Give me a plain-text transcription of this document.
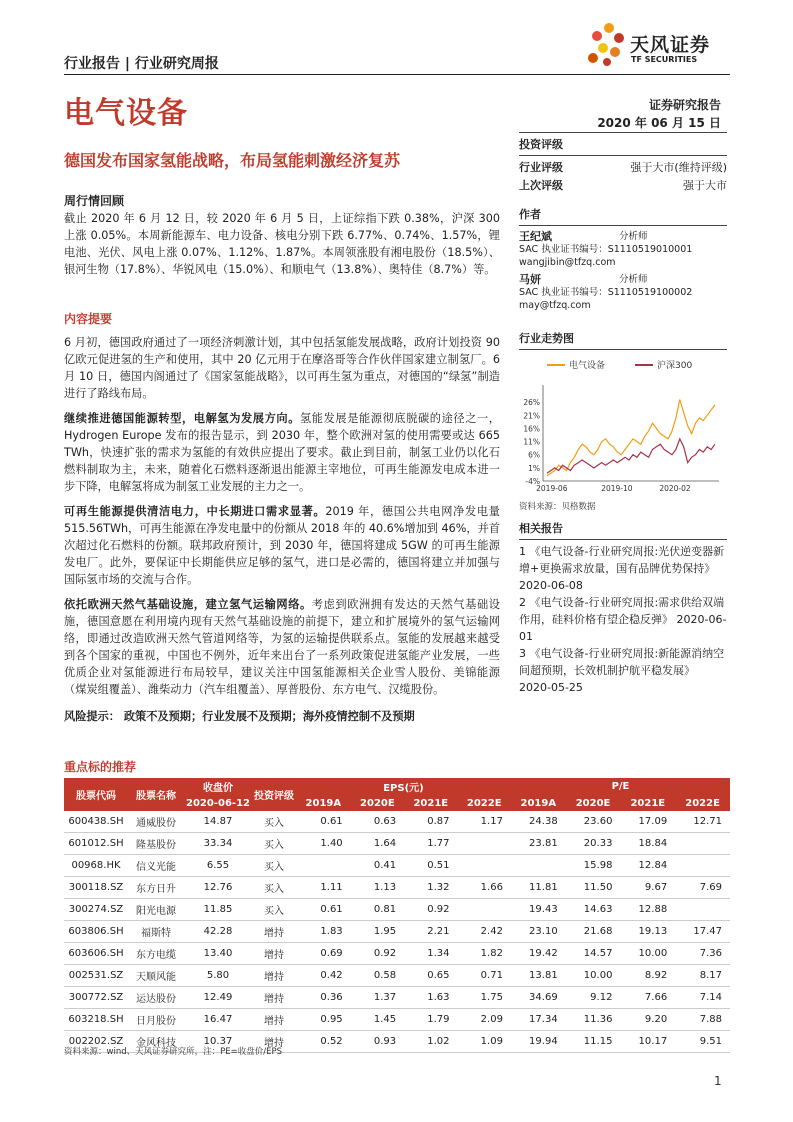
行业报告 | 行业研究周报
天风证券
TF SECURITIES
电气设备	证券研究报告
2020 年 06 月 15 日
德国发布国家氢能战略，布局氢能刺激经济复苏
周行情回顾
截止 2020 年 6 月 12 日，较 2020 年 6 月 5 日，上证综指下跌 0.38%，沪深 300 上涨 0.05%。本周新能源车、电力设备、核电分别下跌 6.77%、0.74%、1.57%，锂电池、光伏、风电上涨 0.07%、1.12%、1.87%。本周领涨股有湘电股份（18.5%）、银河生物（17.8%）、华锐风电（15.0%）、和顺电气（13.8%）、奥特佳（8.7%）等。
内容提要
6 月初，德国政府通过了一项经济刺激计划，其中包括氢能发展战略，政府计划投资 90 亿欧元促进氢的生产和使用，其中 20 亿元用于在摩洛哥等合作伙伴国家建立制氢厂。6 月 10 日，德国内阁通过了《国家氢能战略》，以可再生氢为重点，对德国的“绿氢”制造进行了路线布局。
继续推进德国能源转型，电解氢为发展方向。氢能发展是能源彻底脱碳的途径之一，Hydrogen Europe 发布的报告显示，到 2030 年，整个欧洲对氢的使用需要或达 665 TWh，快速扩张的需求为氢能的有效供应提出了要求。截止到目前，制氢工业仍以化石燃料制取为主，未来，随着化石燃料逐渐退出能源主宰地位，可再生能源发电成本进一步下降，电解氢将成为制氢工业发展的主力之一。
可再生能源提供清洁电力，中长期进口需求显著。2019 年，德国公共电网净发电量 515.56TWh，可再生能源在净发电量中的份额从 2018 年的 40.6%增加到 46%，并首次超过化石燃料的份额。联邦政府预计，到 2030 年，德国将建成 5GW 的可再生能源发电厂。此外，要保证中长期能供应足够的氢气，进口是必需的，德国将建立并加强与国际氢市场的交流与合作。
依托欧洲天然气基础设施，建立氢气运输网络。考虑到欧洲拥有发达的天然气基础设施，德国意愿在利用境内现有天然气基础设施的前提下，建立和扩展境外的氢气运输网络，即通过改造欧洲天然气管道网络等，为氢的运输提供联系点。氢能的发展越来越受到各个国家的重视，中国也不例外，近年来出台了一系列政策促进氢能产业发展，一些优质企业对氢能源进行布局较早，建议关注中国氢能源相关企业雪人股份、美锦能源（煤炭组覆盖）、潍柴动力（汽车组覆盖）、厚普股份、东方电气、汉缆股份。
风险提示： 政策不及预期；行业发展不及预期；海外疫情控制不及预期
投资评级
行业评级	强于大市(维持评级)
上次评级	强于大市
作者
王纪斌	分析师
SAC 执业证书编号：S1110519010001
wangjibin@tfzq.com
马妍	分析师
SAC 执业证书编号：S1110519100002
may@tfzq.com
行业走势图
电气设备	沪深300
26%
21%
16%
11%
6%
1%
-4%
2019-06	2019-10	2020-02
资料来源：贝格数据
相关报告
1 《电气设备-行业研究周报:光伏逆变器新增+更换需求放量，国有品牌优势保持》 2020-06-08
2 《电气设备-行业研究周报:需求供给双端作用，硅料价格有望企稳反弹》 2020-06-01
3 《电气设备-行业研究周报:新能源消纳空间超预期，长效机制护航平稳发展》 2020-05-25
重点标的推荐
股票代码	股票名称	收盘价	投资评级	EPS(元)				P/E			
		2020-06-12		2019A	2020E	2021E	2022E	2019A	2020E	2021E	2022E
600438.SH	通威股份	14.87	买入	0.61	0.63	0.87	1.17	24.38	23.60	17.09	12.71
601012.SH	隆基股份	33.34	买入	1.40	1.64	1.77		23.81	20.33	18.84	
00968.HK	信义光能	6.55	买入		0.41	0.51			15.98	12.84	
300118.SZ	东方日升	12.76	买入	1.11	1.13	1.32	1.66	11.81	11.50	9.67	7.69
300274.SZ	阳光电源	11.85	买入	0.61	0.81	0.92		19.43	14.63	12.88	
603806.SH	福斯特	42.28	增持	1.83	1.95	2.21	2.42	23.10	21.68	19.13	17.47
603606.SH	东方电缆	13.40	增持	0.69	0.92	1.34	1.82	19.42	14.57	10.00	7.36
002531.SZ	天顺风能	5.80	增持	0.42	0.58	0.65	0.71	13.81	10.00	8.92	8.17
300772.SZ	运达股份	12.49	增持	0.36	1.37	1.63	1.75	34.69	9.12	7.66	7.14
603218.SH	日月股份	16.47	增持	0.95	1.45	1.79	2.09	17.34	11.36	9.20	7.88
002202.SZ	金风科技	10.37	增持	0.52	0.93	1.02	1.09	19.94	11.15	10.17	9.51
资料来源：wind、天风证券研究所，注：PE=收盘价/EPS
1
